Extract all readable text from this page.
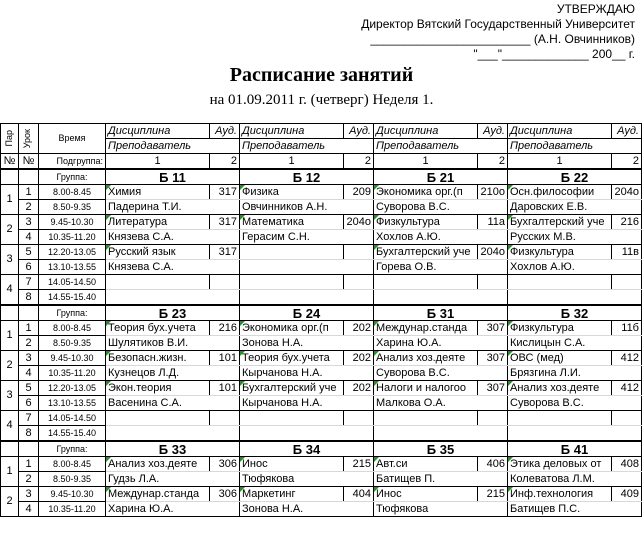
УТВЕРЖДАЮ
Директор Вятский Государственный Университет
________________________ (А.Н. Овчинников)
"___"_____________ 200__ г.
Расписание занятий
на 01.09.2011 г. (четверг) Неделя 1.
Пар	Урок	Время	Дисциплина	Ауд.	Дисциплина	Ауд.	Дисциплина	Ауд.	Дисциплина	Ауд.
			Преподаватель		Преподаватель		Преподаватель		Преподаватель	
№	№	Подгруппа:	1	2	1	2	1	2	1	2
		Группа:	Б 11		Б 12		Б 21		Б 22	
1	1	8.00-8.45	Химия	317	Физика	209	Экономика орг.(п	210о	Осн.философии	204о
	2	8.50-9.35	Падерина Т.И.		Овчинников А.Н.		Суворова В.С.		Даровских Е.В.	
2	3	9.45-10.30	Литература	317	Математика	204о	Физкультура	11а	Бухгалтерский уче	216
	4	10.35-11.20	Князева С.А.		Герасим С.Н.		Хохлов А.Ю.		Русских М.В.	
3	5	12.20-13.05	Русский язык	317			Бухгалтерский уче	204о	Физкультура	11в
	6	13.10-13.55	Князева С.А.				Горева О.В.		Хохлов А.Ю.	
4	7	14.05-14.50								
	8	14.55-15.40								
		Группа:	Б 23		Б 24		Б 31		Б 32	
1	1	8.00-8.45	Теория бух.учета	216	Экономика орг.(п	202	Междунар.станда	307	Физкультура	11б
	2	8.50-9.35	Шулятиков В.И.		Зонова Н.А.		Харина Ю.А.		Кислицын С.А.	
2	3	9.45-10.30	Безопасн.жизн.	101	Теория бух.учета	202	Анализ хоз.деяте	307	ОВС (мед)	412
	4	10.35-11.20	Кузнецов Л.Д.		Кырчанова Н.А.		Суворова В.С.		Брязгина Л.И.	
3	5	12.20-13.05	Экон.теория	101	Бухгалтерский уче	202	Налоги и налогоо	307	Анализ хоз.деяте	412
	6	13.10-13.55	Васенина С.А.		Кырчанова Н.А.		Малкова О.А.		Суворова В.С.	
4	7	14.05-14.50								
	8	14.55-15.40								
		Группа:	Б 33		Б 34		Б 35		Б 41	
1	1	8.00-8.45	Анализ хоз.деяте	306	Инос	215	Авт.си	406	Этика деловых от	408
	2	8.50-9.35	Гудзь Л.А.		Тюфякова		Батищев П.		Колеватова Л.М.	
2	3	9.45-10.30	Междунар.станда	306	Маркетинг	404	Инос	215	Инф.технология	409
	4	10.35-11.20	Харина Ю.А.		Зонова Н.А.		Тюфякова		Батищев П.С.	
